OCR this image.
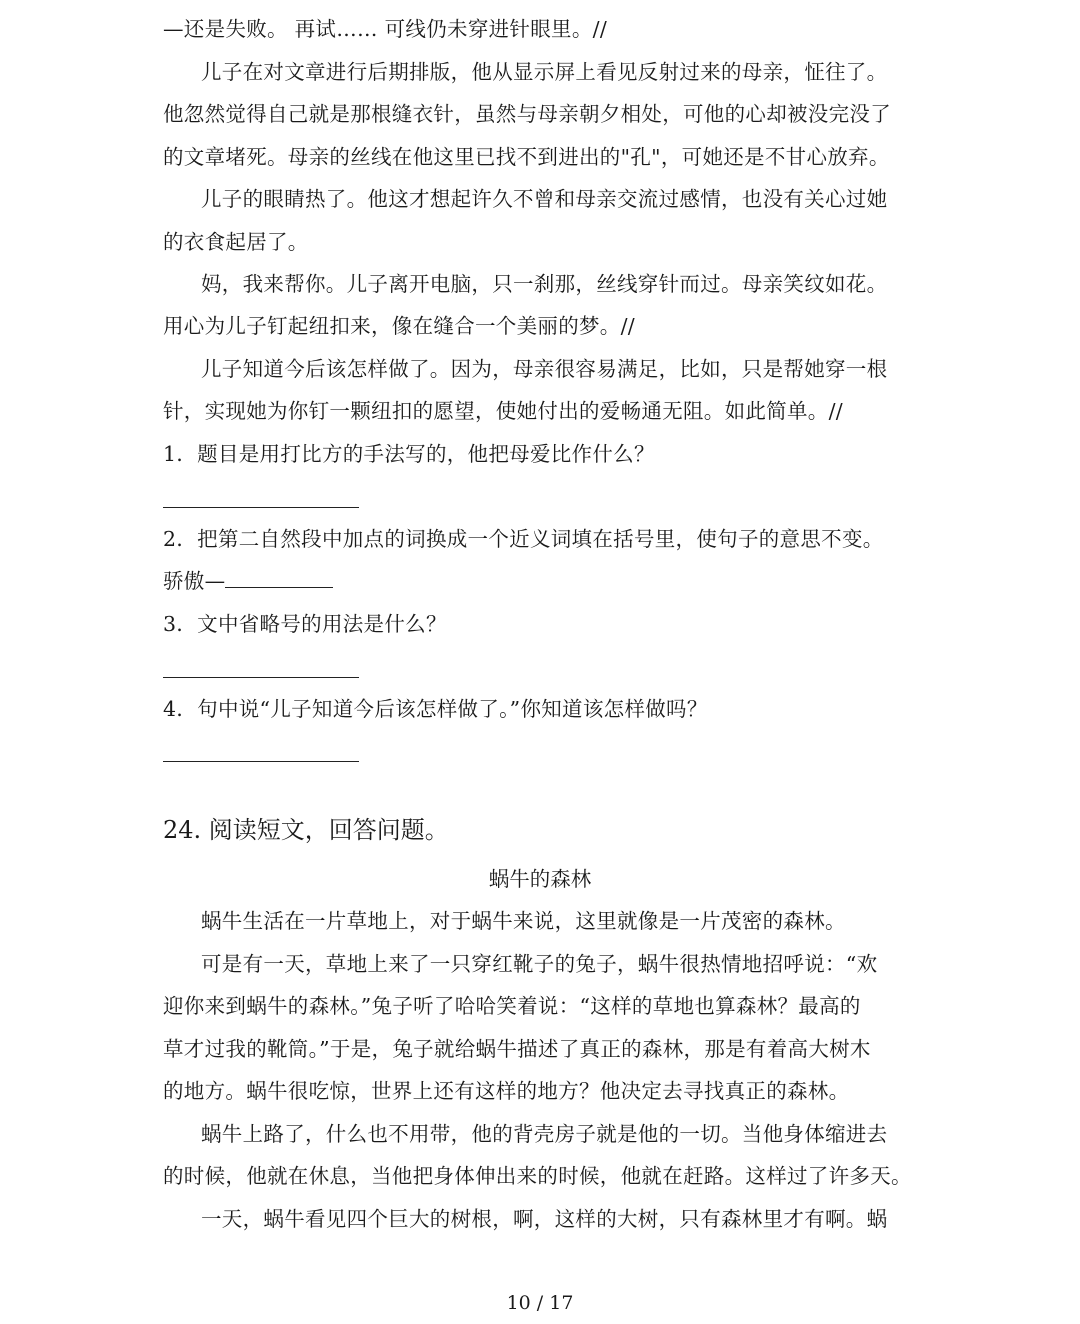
—还是失败。 再试…… 可线仍未穿进针眼里。//
儿子在对文章进行后期排版，他从显示屏上看见反射过来的母亲，怔往了。
他忽然觉得自己就是那根缝衣针，虽然与母亲朝夕相处，可他的心却被没完没了
的文章堵死。母亲的丝线在他这里已找不到进出的"孔"，可她还是不甘心放弃。
儿子的眼睛热了。他这才想起许久不曾和母亲交流过感情，也没有关心过她
的衣食起居了。
妈，我来帮你。儿子离开电脑，只一刹那，丝线穿针而过。母亲笑纹如花。
用心为儿子钉起纽扣来，像在缝合一个美丽的梦。//
儿子知道今后该怎样做了。因为，母亲很容易满足，比如，只是帮她穿一根
针，实现她为你钉一颗纽扣的愿望，使她付出的爱畅通无阻。如此简单。//
1．题目是用打比方的手法写的，他把母爱比作什么？
2．把第二自然段中加点的词换成一个近义词填在括号里，使句子的意思不变。
骄傲—
3．文中省略号的用法是什么？
4．句中说“儿子知道今后该怎样做了。”你知道该怎样做吗？
24. 阅读短文，回答问题。
蜗牛的森林
蜗牛生活在一片草地上，对于蜗牛来说，这里就像是一片茂密的森林。
可是有一天，草地上来了一只穿红靴子的兔子，蜗牛很热情地招呼说：“欢
迎你来到蜗牛的森林。”兔子听了哈哈笑着说：“这样的草地也算森林？最高的
草才过我的靴筒。”于是，兔子就给蜗牛描述了真正的森林，那是有着高大树木
的地方。蜗牛很吃惊，世界上还有这样的地方？他决定去寻找真正的森林。
蜗牛上路了，什么也不用带，他的背壳房子就是他的一切。当他身体缩进去
的时候，他就在休息，当他把身体伸出来的时候，他就在赶路。这样过了许多天。
一天，蜗牛看见四个巨大的树根，啊，这样的大树，只有森林里才有啊。蜗
10 / 17
